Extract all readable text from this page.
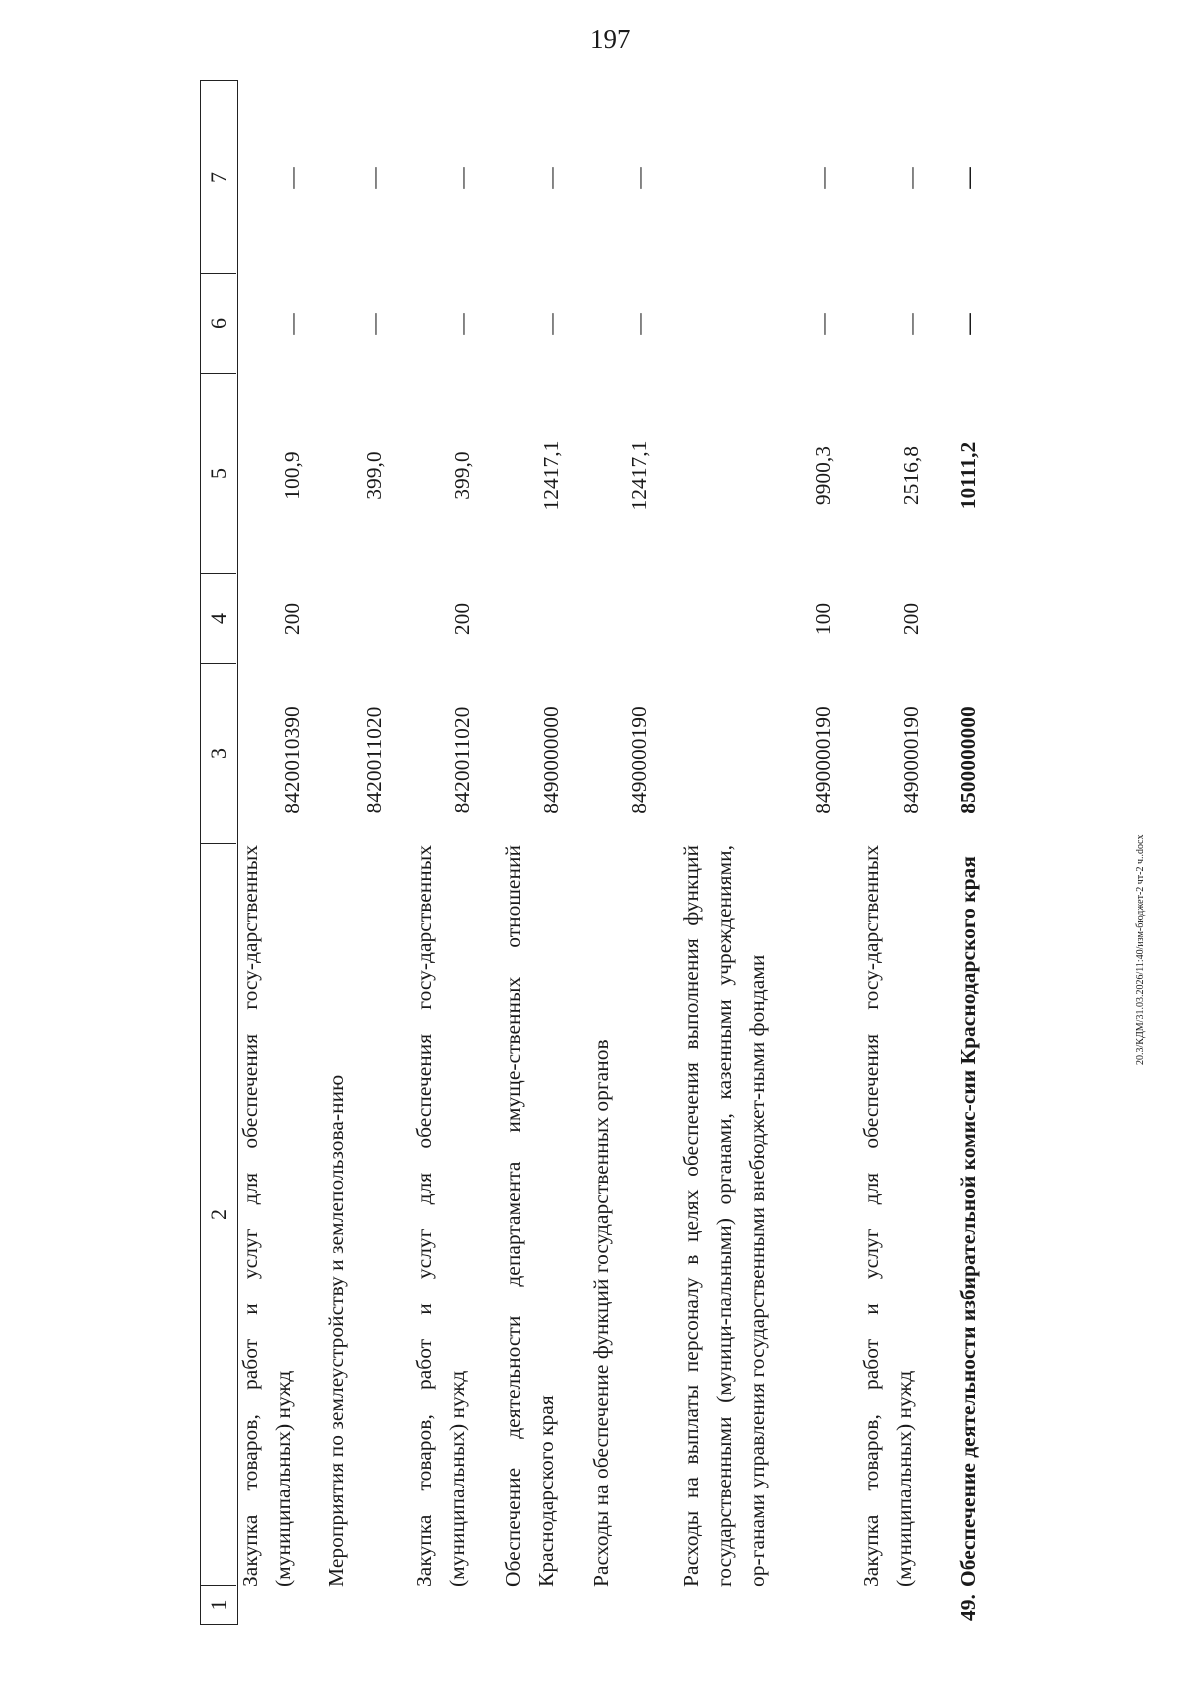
197
20.3/КДМ/31.03.2026/11:40/изм-бюджет-2 чт-2 ч..docx
1
2
3
4
5
6
7
Закупка товаров, работ и услуг для обеспечения госу-дарственных (муниципальных) нужд
8420010390
200
100,9
—
—
Мероприятия по землеустройству и землепользова-нию
8420011020
399,0
—
—
Закупка товаров, работ и услуг для обеспечения госу-дарственных (муниципальных) нужд
8420011020
200
399,0
—
—
Обеспечение деятельности департамента имуще-ственных отношений Краснодарского края
8490000000
12417,1
—
—
Расходы на обеспечение функций государственных органов
8490000190
12417,1
—
—
Расходы на выплаты персоналу в целях обеспечения выполнения функций государственными (муници-пальными) органами, казенными учреждениями, ор-ганами управления государственными внебюджет-ными фондами
8490000190
100
9900,3
—
—
Закупка товаров, работ и услуг для обеспечения госу-дарственных (муниципальных) нужд
8490000190
200
2516,8
—
—
49.
Обеспечение деятельности избирательной комис-сии Краснодарского края
8500000000
10111,2
—
—
